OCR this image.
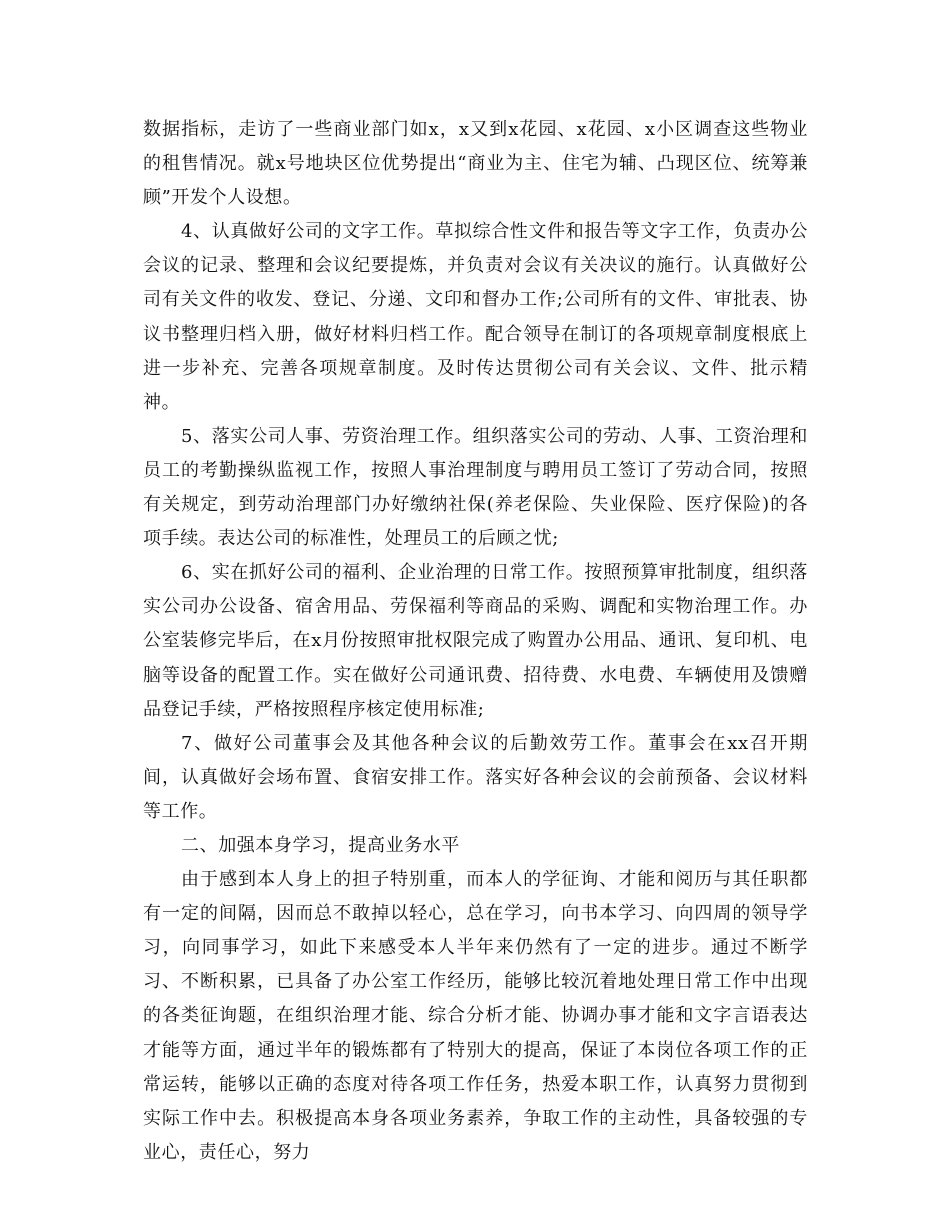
数据指标，走访了一些商业部门如x，x又到x花园、x花园、x小区调查这些物业的租售情况。就x号地块区位优势提出“商业为主、住宅为辅、凸现区位、统筹兼顾”开发个人设想。

4、认真做好公司的文字工作。草拟综合性文件和报告等文字工作，负责办公会议的记录、整理和会议纪要提炼，并负责对会议有关决议的施行。认真做好公司有关文件的收发、登记、分递、文印和督办工作;公司所有的文件、审批表、协议书整理归档入册，做好材料归档工作。配合领导在制订的各项规章制度根底上进一步补充、完善各项规章制度。及时传达贯彻公司有关会议、文件、批示精神。

5、落实公司人事、劳资治理工作。组织落实公司的劳动、人事、工资治理和员工的考勤操纵监视工作，按照人事治理制度与聘用员工签订了劳动合同，按照有关规定，到劳动治理部门办好缴纳社保(养老保险、失业保险、医疗保险)的各项手续。表达公司的标准性，处理员工的后顾之忧;

6、实在抓好公司的福利、企业治理的日常工作。按照预算审批制度，组织落实公司办公设备、宿舍用品、劳保福利等商品的采购、调配和实物治理工作。办公室装修完毕后，在x月份按照审批权限完成了购置办公用品、通讯、复印机、电脑等设备的配置工作。实在做好公司通讯费、招待费、水电费、车辆使用及馈赠品登记手续，严格按照程序核定使用标准;

7、做好公司董事会及其他各种会议的后勤效劳工作。董事会在xx召开期间，认真做好会场布置、食宿安排工作。落实好各种会议的会前预备、会议材料等工作。

二、加强本身学习，提高业务水平

由于感到本人身上的担子特别重，而本人的学征询、才能和阅历与其任职都有一定的间隔，因而总不敢掉以轻心，总在学习，向书本学习、向四周的领导学习，向同事学习，如此下来感受本人半年来仍然有了一定的进步。通过不断学习、不断积累，已具备了办公室工作经历，能够比较沉着地处理日常工作中出现的各类征询题，在组织治理才能、综合分析才能、协调办事才能和文字言语表达才能等方面，通过半年的锻炼都有了特别大的提高，保证了本岗位各项工作的正常运转，能够以正确的态度对待各项工作任务，热爱本职工作，认真努力贯彻到实际工作中去。积极提高本身各项业务素养，争取工作的主动性，具备较强的专业心，责任心，努力
